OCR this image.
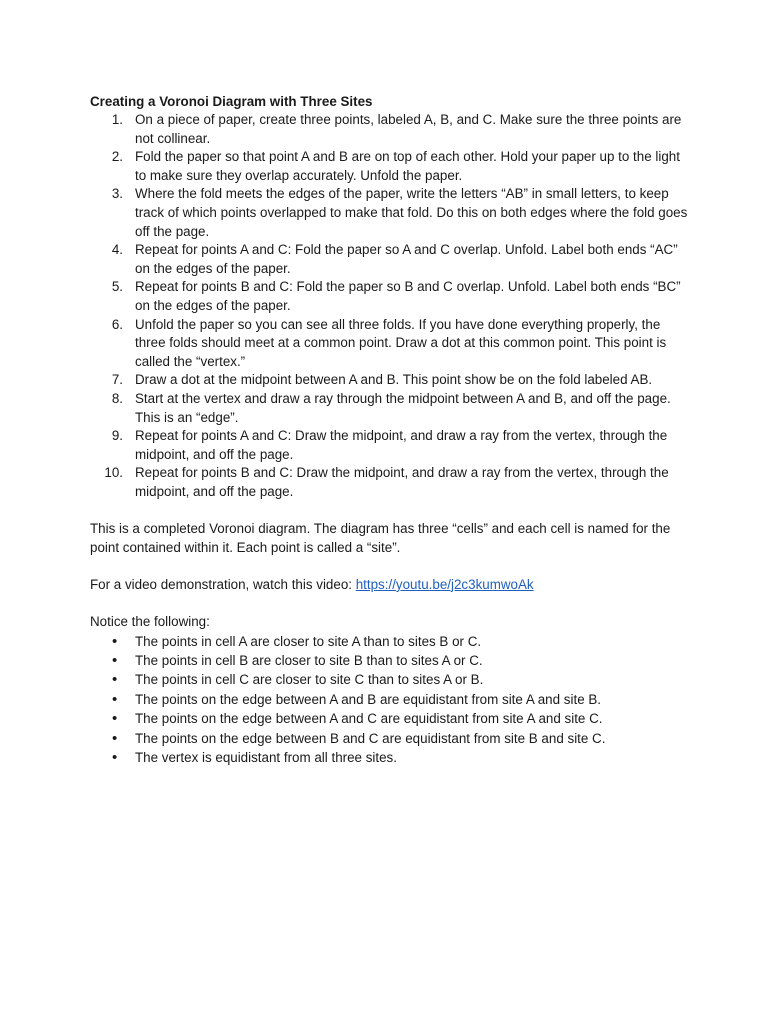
Creating a Voronoi Diagram with Three Sites

1. On a piece of paper, create three points, labeled A, B, and C. Make sure the three points are not collinear.
2. Fold the paper so that point A and B are on top of each other. Hold your paper up to the light to make sure they overlap accurately. Unfold the paper.
3. Where the fold meets the edges of the paper, write the letters “AB” in small letters, to keep track of which points overlapped to make that fold. Do this on both edges where the fold goes off the page.
4. Repeat for points A and C: Fold the paper so A and C overlap. Unfold. Label both ends “AC” on the edges of the paper.
5. Repeat for points B and C: Fold the paper so B and C overlap. Unfold. Label both ends “BC” on the edges of the paper.
6. Unfold the paper so you can see all three folds. If you have done everything properly, the three folds should meet at a common point. Draw a dot at this common point. This point is called the “vertex.”
7. Draw a dot at the midpoint between A and B. This point show be on the fold labeled AB.
8. Start at the vertex and draw a ray through the midpoint between A and B, and off the page. This is an “edge”.
9. Repeat for points A and C: Draw the midpoint, and draw a ray from the vertex, through the midpoint, and off the page.
10. Repeat for points B and C: Draw the midpoint, and draw a ray from the vertex, through the midpoint, and off the page.

This is a completed Voronoi diagram. The diagram has three “cells” and each cell is named for the point contained within it. Each point is called a “site”.

For a video demonstration, watch this video: https://youtu.be/j2c3kumwoAk

Notice the following:

• The points in cell A are closer to site A than to sites B or C.
• The points in cell B are closer to site B than to sites A or C.
• The points in cell C are closer to site C than to sites A or B.
• The points on the edge between A and B are equidistant from site A and site B.
• The points on the edge between A and C are equidistant from site A and site C.
• The points on the edge between B and C are equidistant from site B and site C.
• The vertex is equidistant from all three sites.
